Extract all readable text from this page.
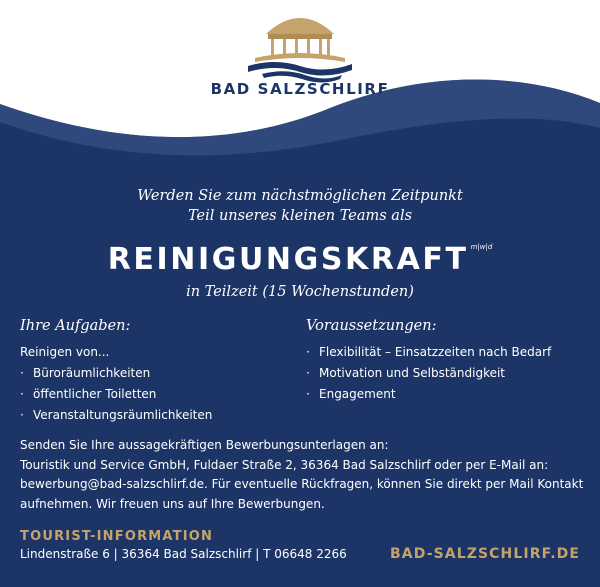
BAD SALZSCHLIRF
Werden Sie zum nächstmöglichen Zeitpunkt
Teil unseres kleinen Teams als
REINIGUNGSKRAFT $^{m|w|d}$
in Teilzeit (15 Wochenstunden)
Ihre Aufgaben:
Reinigen von...
· Büroräumlichkeiten
· öffentlicher Toiletten
· Veranstaltungsräumlichkeiten
Voraussetzungen:
· Flexibilität – Einsatzzeiten nach Bedarf
· Motivation und Selbständigkeit
· Engagement
Senden Sie Ihre aussagekräftigen Bewerbungsunterlagen an:
Touristik und Service GmbH, Fuldaer Straße 2, 36364 Bad Salzschlirf oder per E-Mail an:
bewerbung@bad-salzschlirf.de. Für eventuelle Rückfragen, können Sie direkt per Mail Kontakt
aufnehmen. Wir freuen uns auf Ihre Bewerbungen.
TOURIST-INFORMATION
Lindenstraße 6 | 36364 Bad Salzschlirf | T 06648 2266	BAD-SALZSCHLIRF.DE
